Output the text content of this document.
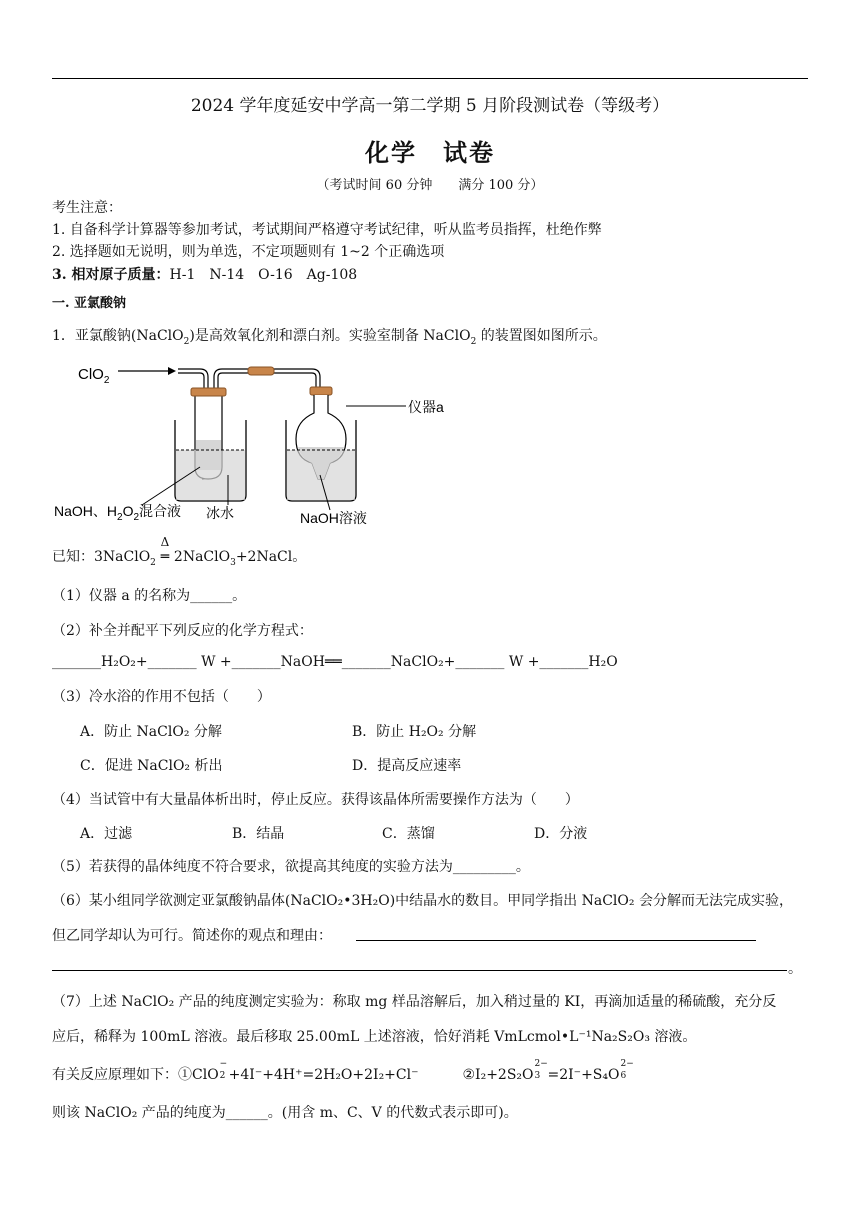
2024 学年度延安中学高一第二学期 5 月阶段测试卷（等级考）
化学　试卷
（考试时间 60 分钟　　满分 100 分）
考生注意：
1. 自备科学计算器等参加考试，考试期间严格遵守考试纪律，听从监考员指挥，杜绝作弊
2. 选择题如无说明，则为单选，不定项题则有 1~2 个正确选项
3. 相对原子质量：H-1　N-14　O-16　Ag-108
一. 亚氯酸钠
1．亚氯酸钠(NaClO$_2$)是高效氧化剂和漂白剂。实验室制备 NaClO$_2$ 的装置图如图所示。
ClO$_2$
仪器a
NaOH、$H_2O_2$混合液 冰水	NaOH溶液
已知：3NaClO$_2$
Δ
═ 2NaClO$_3$+2NaCl。
（1）仪器 a 的名称为______。
（2）补全并配平下列反应的化学方程式：
_______H₂O₂+_______ W +_______NaOH══_______NaClO₂+_______ W +_______H₂O
（3）冷水浴的作用不包括（　　）
A．防止 NaClO₂ 分解	B．防止 H₂O₂ 分解
C．促进 NaClO₂ 析出	D．提高反应速率
（4）当试管中有大量晶体析出时，停止反应。获得该晶体所需要操作方法为（　　）
A．过滤	B．结晶	C．蒸馏	D．分液
（5）若获得的晶体纯度不符合要求，欲提高其纯度的实验方法为_________。
（6）某小组同学欲测定亚氯酸钠晶体(NaClO₂•3H₂O)中结晶水的数目。甲同学指出 NaClO₂ 会分解而无法完成实验，
但乙同学却认为可行。简述你的观点和理由：
。
（7）上述 NaClO₂ 产品的纯度测定实验为：称取 mg 样品溶解后，加入稍过量的 KI，再滴加适量的稀硫酸，充分反
应后，稀释为 100mL 溶液。最后移取 25.00mL 上述溶液，恰好消耗 VmLcmol•L⁻¹Na₂S₂O₃ 溶液。
有关反应原理如下：①ClO
−
2 +4I⁻+4H⁺=2H₂O+2I₂+Cl⁻	②I₂+2S₂O
2−
3 =2I⁻+S₄O
2−
6
则该 NaClO₂ 产品的纯度为______。(用含 m、C、V 的代数式表示即可)。
